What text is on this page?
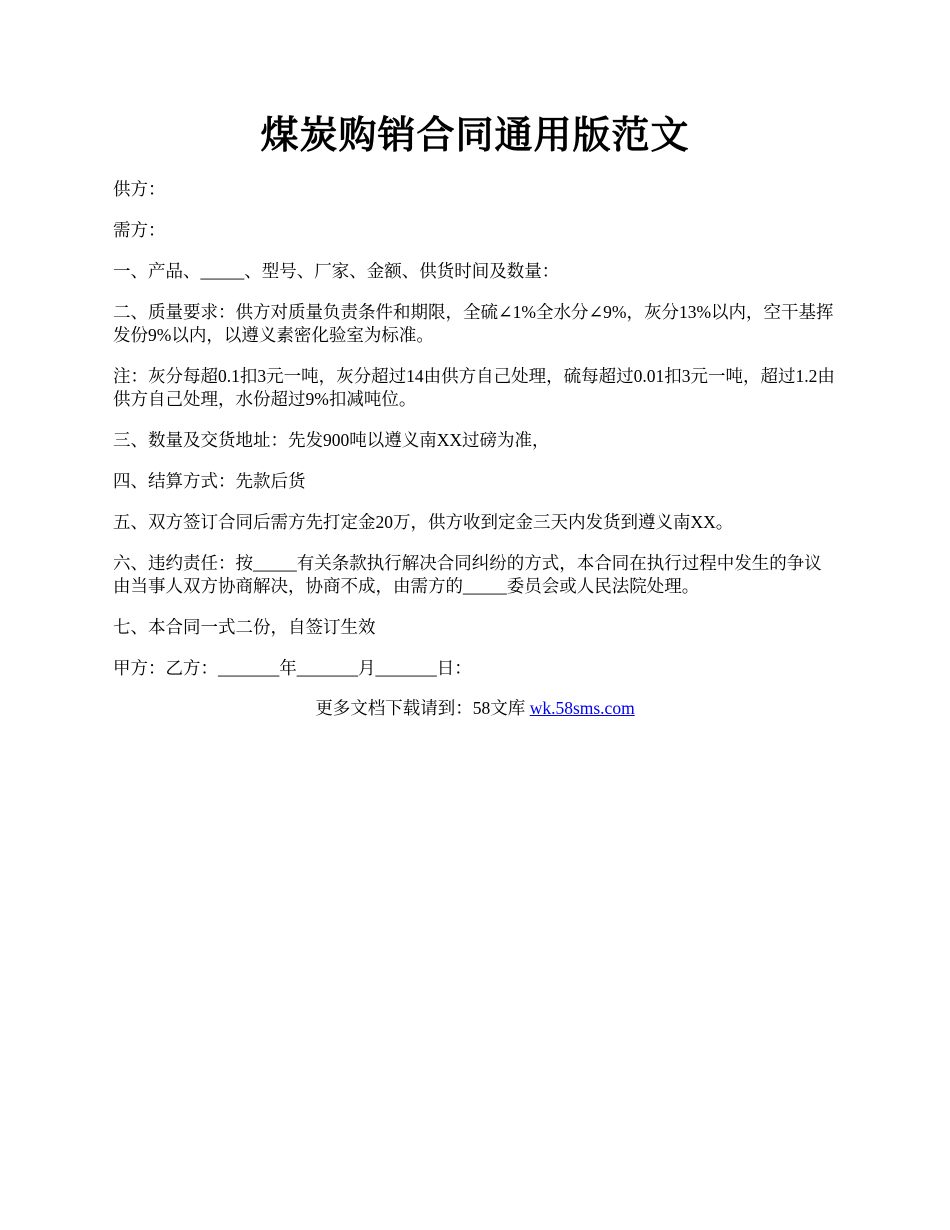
煤炭购销合同通用版范文

供方：

需方：

一、产品、_____、型号、厂家、金额、供货时间及数量：

二、质量要求：供方对质量负责条件和期限，全硫∠1%全水分∠9%，灰分13%以内，空干基挥发份9%以内，以遵义素密化验室为标准。

注：灰分每超0.1扣3元一吨，灰分超过14由供方自己处理，硫每超过0.01扣3元一吨，超过1.2由供方自己处理，水份超过9%扣减吨位。

三、数量及交货地址：先发900吨以遵义南XX过磅为准，

四、结算方式：先款后货

五、双方签订合同后需方先打定金20万，供方收到定金三天内发货到遵义南XX。

六、违约责任：按_____有关条款执行解决合同纠纷的方式，本合同在执行过程中发生的争议由当事人双方协商解决，协商不成，由需方的_____委员会或人民法院处理。

七、本合同一式二份，自签订生效

甲方：乙方：_______年_______月_______日：

更多文档下载请到：58文库 wk.58sms.com
